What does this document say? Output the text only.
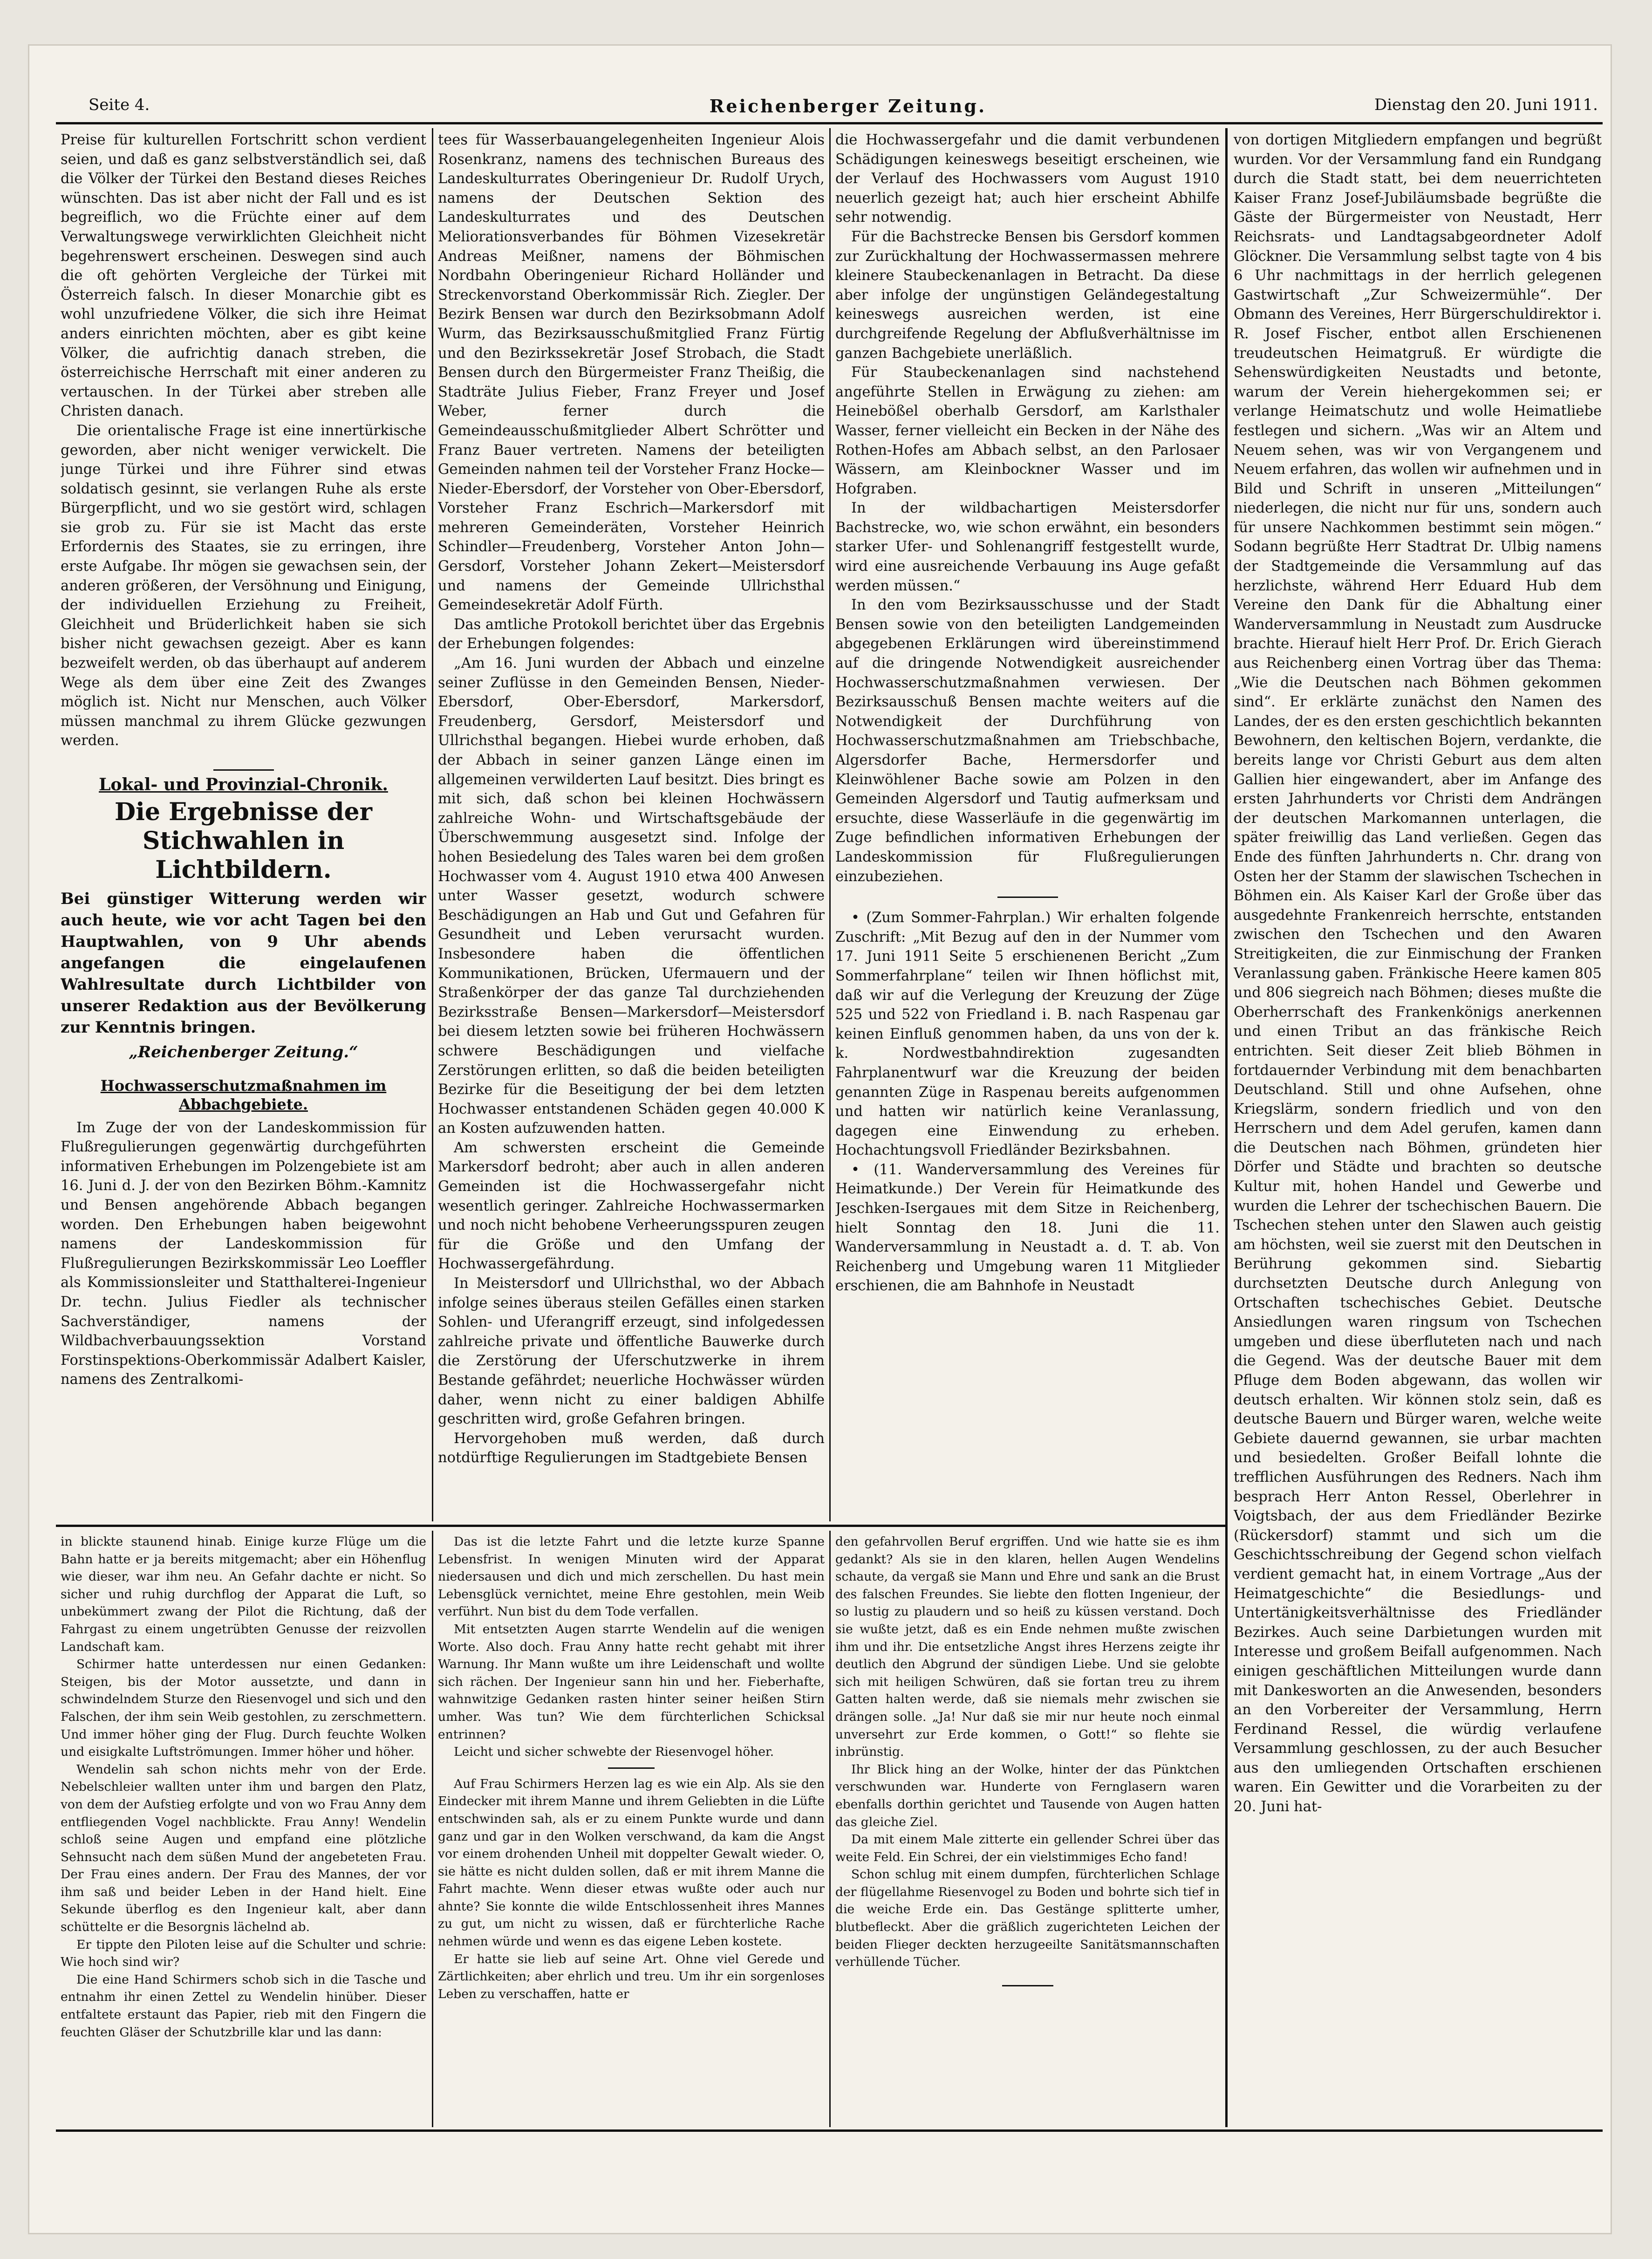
Seite 4.	Reichenberger Zeitung.	Dienstag den 20. Juni 1911.

Preise für kulturellen Fortschritt schon verdient seien, und daß es ganz selbstverständlich sei, daß die Völker der Türkei den Bestand dieses Reiches wünschten. Das ist aber nicht der Fall und es ist begreiflich, wo die Früchte einer auf dem Verwaltungswege verwirklichten Gleichheit nicht begehrenswert erscheinen. Deswegen sind auch die oft gehörten Vergleiche der Türkei mit Österreich falsch. In dieser Monarchie gibt es wohl unzufriedene Völker, die sich ihre Heimat anders einrichten möchten, aber es gibt keine Völker, die aufrichtig danach streben, die österreichische Herrschaft mit einer anderen zu vertauschen. In der Türkei aber streben alle Christen danach.

Die orientalische Frage ist eine innertürkische geworden, aber nicht weniger verwickelt. Die junge Türkei und ihre Führer sind etwas soldatisch gesinnt, sie verlangen Ruhe als erste Bürgerpflicht, und wo sie gestört wird, schlagen sie grob zu. Für sie ist Macht das erste Erfordernis des Staates, sie zu erringen, ihre erste Aufgabe. Ihr mögen sie gewachsen sein, der anderen größeren, der Versöhnung und Einigung, der individuellen Erziehung zu Freiheit, Gleichheit und Brüderlichkeit haben sie sich bisher nicht gewachsen gezeigt. Aber es kann bezweifelt werden, ob das überhaupt auf anderem Wege als dem über eine Zeit des Zwanges möglich ist. Nicht nur Menschen, auch Völker müssen manchmal zu ihrem Glücke gezwungen werden.

Lokal- und Provinzial-Chronik.
Die Ergebnisse der Stichwahlen in Lichtbildern.
Bei günstiger Witterung werden wir auch heute, wie vor acht Tagen bei den Hauptwahlen, von 9 Uhr abends angefangen die eingelaufenen Wahlresultate durch Lichtbilder von unserer Redaktion aus der Bevölkerung zur Kenntnis bringen.
„Reichenberger Zeitung.“
Hochwasserschutzmaßnahmen im Abbachgebiete.

Im Zuge der von der Landeskommission für Flußregulierungen gegenwärtig durchgeführten informativen Erhebungen im Polzengebiete ist am 16. Juni d. J. der von den Bezirken Böhm.-Kamnitz und Bensen angehörende Abbach begangen worden. Den Erhebungen haben beigewohnt namens der Landeskommission für Flußregulierungen Bezirkskommissär Leo Loeffler als Kommissionsleiter und Statthalterei-Ingenieur Dr. techn. Julius Fiedler als technischer Sachverständiger, namens der Wildbachverbauungssektion Vorstand Forstinspektions-Oberkommissär Adalbert Kaisler, namens des Zentralkomi-

tees für Wasserbauangelegenheiten Ingenieur Alois Rosenkranz, namens des technischen Bureaus des Landeskulturrates Oberingenieur Dr. Rudolf Urych, namens der Deutschen Sektion des Landeskulturrates und des Deutschen Meliorationsverbandes für Böhmen Vizesekretär Andreas Meißner, namens der Böhmischen Nordbahn Oberingenieur Richard Holländer und Streckenvorstand Oberkommissär Rich. Ziegler. Der Bezirk Bensen war durch den Bezirksobmann Adolf Wurm, das Bezirksausschußmitglied Franz Fürtig und den Bezirkssekretär Josef Strobach, die Stadt Bensen durch den Bürgermeister Franz Theißig, die Stadträte Julius Fieber, Franz Freyer und Josef Weber, ferner durch die Gemeindeausschußmitglieder Albert Schrötter und Franz Bauer vertreten. Namens der beteiligten Gemeinden nahmen teil der Vorsteher Franz Hocke—Nieder-Ebersdorf, der Vorsteher von Ober-Ebersdorf, Vorsteher Franz Eschrich—Markersdorf mit mehreren Gemeinderäten, Vorsteher Heinrich Schindler—Freudenberg, Vorsteher Anton John—Gersdorf, Vorsteher Johann Zekert—Meistersdorf und namens der Gemeinde Ullrichsthal Gemeindesekretär Adolf Fürth.

Das amtliche Protokoll berichtet über das Ergebnis der Erhebungen folgendes:

„Am 16. Juni wurden der Abbach und einzelne seiner Zuflüsse in den Gemeinden Bensen, Nieder-Ebersdorf, Ober-Ebersdorf, Markersdorf, Freudenberg, Gersdorf, Meistersdorf und Ullrichsthal begangen. Hiebei wurde erhoben, daß der Abbach in seiner ganzen Länge einen im allgemeinen verwilderten Lauf besitzt. Dies bringt es mit sich, daß schon bei kleinen Hochwässern zahlreiche Wohn- und Wirtschaftsgebäude der Überschwemmung ausgesetzt sind. Infolge der hohen Besiedelung des Tales waren bei dem großen Hochwasser vom 4. August 1910 etwa 400 Anwesen unter Wasser gesetzt, wodurch schwere Beschädigungen an Hab und Gut und Gefahren für Gesundheit und Leben verursacht wurden. Insbesondere haben die öffentlichen Kommunikationen, Brücken, Ufermauern und der Straßenkörper der das ganze Tal durchziehenden Bezirksstraße Bensen—Markersdorf—Meistersdorf bei diesem letzten sowie bei früheren Hochwässern schwere Beschädigungen und vielfache Zerstörungen erlitten, so daß die beiden beteiligten Bezirke für die Beseitigung der bei dem letzten Hochwasser entstandenen Schäden gegen 40.000 K an Kosten aufzuwenden hatten.

Am schwersten erscheint die Gemeinde Markersdorf bedroht; aber auch in allen anderen Gemeinden ist die Hochwassergefahr nicht wesentlich geringer. Zahlreiche Hochwassermarken und noch nicht behobene Verheerungsspuren zeugen für die Größe und den Umfang der Hochwassergefährdung.

In Meistersdorf und Ullrichsthal, wo der Abbach infolge seines überaus steilen Gefälles einen starken Sohlen- und Uferangriff erzeugt, sind infolgedessen zahlreiche private und öffentliche Bauwerke durch die Zerstörung der Uferschutzwerke in ihrem Bestande gefährdet; neuerliche Hochwässer würden daher, wenn nicht zu einer baldigen Abhilfe geschritten wird, große Gefahren bringen.

Hervorgehoben muß werden, daß durch notdürftige Regulierungen im Stadtgebiete Bensen

die Hochwassergefahr und die damit verbundenen Schädigungen keineswegs beseitigt erscheinen, wie der Verlauf des Hochwassers vom August 1910 neuerlich gezeigt hat; auch hier erscheint Abhilfe sehr notwendig.

Für die Bachstrecke Bensen bis Gersdorf kommen zur Zurückhaltung der Hochwassermassen mehrere kleinere Staubeckenanlagen in Betracht. Da diese aber infolge der ungünstigen Geländegestaltung keineswegs ausreichen werden, ist eine durchgreifende Regelung der Abflußverhältnisse im ganzen Bachgebiete unerläßlich.

Für Staubeckenanlagen sind nachstehend angeführte Stellen in Erwägung zu ziehen: am Heinebößel oberhalb Gersdorf, am Karlsthaler Wasser, ferner vielleicht ein Becken in der Nähe des Rothen-Hofes am Abbach selbst, an den Parlosaer Wässern, am Kleinbockner Wasser und im Hofgraben.

In der wildbachartigen Meistersdorfer Bachstrecke, wo, wie schon erwähnt, ein besonders starker Ufer- und Sohlenangriff festgestellt wurde, wird eine ausreichende Verbauung ins Auge gefaßt werden müssen.“

In den vom Bezirksausschusse und der Stadt Bensen sowie von den beteiligten Landgemeinden abgegebenen Erklärungen wird übereinstimmend auf die dringende Notwendigkeit ausreichender Hochwasserschutzmaßnahmen verwiesen. Der Bezirksausschuß Bensen machte weiters auf die Notwendigkeit der Durchführung von Hochwasserschutzmaßnahmen am Triebschbache, Algersdorfer Bache, Hermersdorfer und Kleinwöhlener Bache sowie am Polzen in den Gemeinden Algersdorf und Tautig aufmerksam und ersuchte, diese Wasserläufe in die gegenwärtig im Zuge befindlichen informativen Erhebungen der Landeskommission für Flußregulierungen einzubeziehen.

• (Zum Sommer-Fahrplan.) Wir erhalten folgende Zuschrift: „Mit Bezug auf den in der Nummer vom 17. Juni 1911 Seite 5 erschienenen Bericht „Zum Sommerfahrplane“ teilen wir Ihnen höflichst mit, daß wir auf die Verlegung der Kreuzung der Züge 525 und 522 von Friedland i. B. nach Raspenau gar keinen Einfluß genommen haben, da uns von der k. k. Nordwestbahndirektion zugesandten Fahrplanentwurf war die Kreuzung der beiden genannten Züge in Raspenau bereits aufgenommen und hatten wir natürlich keine Veranlassung, dagegen eine Einwendung zu erheben. Hochachtungsvoll Friedländer Bezirksbahnen.

• (11. Wanderversammlung des Vereines für Heimatkunde.) Der Verein für Heimatkunde des Jeschken-Isergaues mit dem Sitze in Reichenberg, hielt Sonntag den 18. Juni die 11. Wanderversammlung in Neustadt a. d. T. ab. Von Reichenberg und Umgebung waren 11 Mitglieder erschienen, die am Bahnhofe in Neustadt

von dortigen Mitgliedern empfangen und begrüßt wurden. Vor der Versammlung fand ein Rundgang durch die Stadt statt, bei dem neuerrichteten Kaiser Franz Josef-Jubiläumsbade begrüßte die Gäste der Bürgermeister von Neustadt, Herr Reichsrats- und Landtagsabgeordneter Adolf Glöckner. Die Versammlung selbst tagte von 4 bis 6 Uhr nachmittags in der herrlich gelegenen Gastwirtschaft „Zur Schweizermühle“. Der Obmann des Vereines, Herr Bürgerschuldirektor i. R. Josef Fischer, entbot allen Erschienenen treudeutschen Heimatgruß. Er würdigte die Sehenswürdigkeiten Neustadts und betonte, warum der Verein hiehergekommen sei; er verlange Heimatschutz und wolle Heimatliebe festlegen und sichern. „Was wir an Altem und Neuem sehen, was wir von Vergangenem und Neuem erfahren, das wollen wir aufnehmen und in Bild und Schrift in unseren „Mitteilungen“ niederlegen, die nicht nur für uns, sondern auch für unsere Nachkommen bestimmt sein mögen.“ Sodann begrüßte Herr Stadtrat Dr. Ulbig namens der Stadtgemeinde die Versammlung auf das herzlichste, während Herr Eduard Hub dem Vereine den Dank für die Abhaltung einer Wanderversammlung in Neustadt zum Ausdrucke brachte. Hierauf hielt Herr Prof. Dr. Erich Gierach aus Reichenberg einen Vortrag über das Thema: „Wie die Deutschen nach Böhmen gekommen sind“. Er erklärte zunächst den Namen des Landes, der es den ersten geschichtlich bekannten Bewohnern, den keltischen Bojern, verdankte, die bereits lange vor Christi Geburt aus dem alten Gallien hier eingewandert, aber im Anfange des ersten Jahrhunderts vor Christi dem Andrängen der deutschen Markomannen unterlagen, die später freiwillig das Land verließen. Gegen das Ende des fünften Jahrhunderts n. Chr. drang von Osten her der Stamm der slawischen Tschechen in Böhmen ein. Als Kaiser Karl der Große über das ausgedehnte Frankenreich herrschte, entstanden zwischen den Tschechen und den Awaren Streitigkeiten, die zur Einmischung der Franken Veranlassung gaben. Fränkische Heere kamen 805 und 806 siegreich nach Böhmen; dieses mußte die Oberherrschaft des Frankenkönigs anerkennen und einen Tribut an das fränkische Reich entrichten. Seit dieser Zeit blieb Böhmen in fortdauernder Verbindung mit dem benachbarten Deutschland. Still und ohne Aufsehen, ohne Kriegslärm, sondern friedlich und von den Herrschern und dem Adel gerufen, kamen dann die Deutschen nach Böhmen, gründeten hier Dörfer und Städte und brachten so deutsche Kultur mit, hohen Handel und Gewerbe und wurden die Lehrer der tschechischen Bauern. Die Tschechen stehen unter den Slawen auch geistig am höchsten, weil sie zuerst mit den Deutschen in Berührung gekommen sind. Siebartig durchsetzten Deutsche durch Anlegung von Ortschaften tschechisches Gebiet. Deutsche Ansiedlungen waren ringsum von Tschechen umgeben und diese überfluteten nach und nach die Gegend. Was der deutsche Bauer mit dem Pfluge dem Boden abgewann, das wollen wir deutsch erhalten. Wir können stolz sein, daß es deutsche Bauern und Bürger waren, welche weite Gebiete dauernd gewannen, sie urbar machten und besiedelten. Großer Beifall lohnte die trefflichen Ausführungen des Redners. Nach ihm besprach Herr Anton Ressel, Oberlehrer in Voigtsbach, der aus dem Friedländer Bezirke (Rückersdorf) stammt und sich um die Geschichtsschreibung der Gegend schon vielfach verdient gemacht hat, in einem Vortrage „Aus der Heimatgeschichte“ die Besiedlungs- und Untertänigkeitsverhältnisse des Friedländer Bezirkes. Auch seine Darbietungen wurden mit Interesse und großem Beifall aufgenommen. Nach einigen geschäftlichen Mitteilungen wurde dann mit Dankesworten an die Anwesenden, besonders an den Vorbereiter der Versammlung, Herrn Ferdinand Ressel, die würdig verlaufene Versammlung geschlossen, zu der auch Besucher aus den umliegenden Ortschaften erschienen waren. Ein Gewitter und die Vorarbeiten zu der 20. Juni hat-

in blickte staunend hinab. Einige kurze Flüge um die Bahn hatte er ja bereits mitgemacht; aber ein Höhenflug wie dieser, war ihm neu. An Gefahr dachte er nicht. So sicher und ruhig durchflog der Apparat die Luft, so unbekümmert zwang der Pilot die Richtung, daß der Fahrgast zu einem ungetrübten Genusse der reizvollen Landschaft kam.

Schirmer hatte unterdessen nur einen Gedanken: Steigen, bis der Motor aussetzte, und dann in schwindelndem Sturze den Riesenvogel und sich und den Falschen, der ihm sein Weib gestohlen, zu zerschmettern. Und immer höher ging der Flug. Durch feuchte Wolken und eisigkalte Luftströmungen. Immer höher und höher.

Wendelin sah schon nichts mehr von der Erde. Nebelschleier wallten unter ihm und bargen den Platz, von dem der Aufstieg erfolgte und von wo Frau Anny dem entfliegenden Vogel nachblickte. Frau Anny! Wendelin schloß seine Augen und empfand eine plötzliche Sehnsucht nach dem süßen Mund der angebeteten Frau. Der Frau eines andern. Der Frau des Mannes, der vor ihm saß und beider Leben in der Hand hielt. Eine Sekunde überflog es den Ingenieur kalt, aber dann schüttelte er die Besorgnis lächelnd ab.

Er tippte den Piloten leise auf die Schulter und schrie: Wie hoch sind wir?

Die eine Hand Schirmers schob sich in die Tasche und entnahm ihr einen Zettel zu Wendelin hinüber. Dieser entfaltete erstaunt das Papier, rieb mit den Fingern die feuchten Gläser der Schutzbrille klar und las dann:

Das ist die letzte Fahrt und die letzte kurze Spanne Lebensfrist. In wenigen Minuten wird der Apparat niedersausen und dich und mich zerschellen. Du hast mein Lebensglück vernichtet, meine Ehre gestohlen, mein Weib verführt. Nun bist du dem Tode verfallen.

Mit entsetzten Augen starrte Wendelin auf die wenigen Worte. Also doch. Frau Anny hatte recht gehabt mit ihrer Warnung. Ihr Mann wußte um ihre Leidenschaft und wollte sich rächen. Der Ingenieur sann hin und her. Fieberhafte, wahnwitzige Gedanken rasten hinter seiner heißen Stirn umher. Was tun? Wie dem fürchterlichen Schicksal entrinnen?

Leicht und sicher schwebte der Riesenvogel höher.

Auf Frau Schirmers Herzen lag es wie ein Alp. Als sie den Eindecker mit ihrem Manne und ihrem Geliebten in die Lüfte entschwinden sah, als er zu einem Punkte wurde und dann ganz und gar in den Wolken verschwand, da kam die Angst vor einem drohenden Unheil mit doppelter Gewalt wieder. O, sie hätte es nicht dulden sollen, daß er mit ihrem Manne die Fahrt machte. Wenn dieser etwas wußte oder auch nur ahnte? Sie konnte die wilde Entschlossenheit ihres Mannes zu gut, um nicht zu wissen, daß er fürchterliche Rache nehmen würde und wenn es das eigene Leben kostete.

Er hatte sie lieb auf seine Art. Ohne viel Gerede und Zärtlichkeiten; aber ehrlich und treu. Um ihr ein sorgenloses Leben zu verschaffen, hatte er

den gefahrvollen Beruf ergriffen. Und wie hatte sie es ihm gedankt? Als sie in den klaren, hellen Augen Wendelins schaute, da vergaß sie Mann und Ehre und sank an die Brust des falschen Freundes. Sie liebte den flotten Ingenieur, der so lustig zu plaudern und so heiß zu küssen verstand. Doch sie wußte jetzt, daß es ein Ende nehmen mußte zwischen ihm und ihr. Die entsetzliche Angst ihres Herzens zeigte ihr deutlich den Abgrund der sündigen Liebe. Und sie gelobte sich mit heiligen Schwüren, daß sie fortan treu zu ihrem Gatten halten werde, daß sie niemals mehr zwischen sie drängen solle. „Ja! Nur daß sie mir nur heute noch einmal unversehrt zur Erde kommen, o Gott!“ so flehte sie inbrünstig.

Ihr Blick hing an der Wolke, hinter der das Pünktchen verschwunden war. Hunderte von Fernglasern waren ebenfalls dorthin gerichtet und Tausende von Augen hatten das gleiche Ziel.

Da mit einem Male zitterte ein gellender Schrei über das weite Feld. Ein Schrei, der ein vielstimmiges Echo fand!

Schon schlug mit einem dumpfen, fürchterlichen Schlage der flügellahme Riesenvogel zu Boden und bohrte sich tief in die weiche Erde ein. Das Gestänge splitterte umher, blutbefleckt. Aber die gräßlich zugerichteten Leichen der beiden Flieger deckten herzugeeilte Sanitätsmannschaften verhüllende Tücher.
